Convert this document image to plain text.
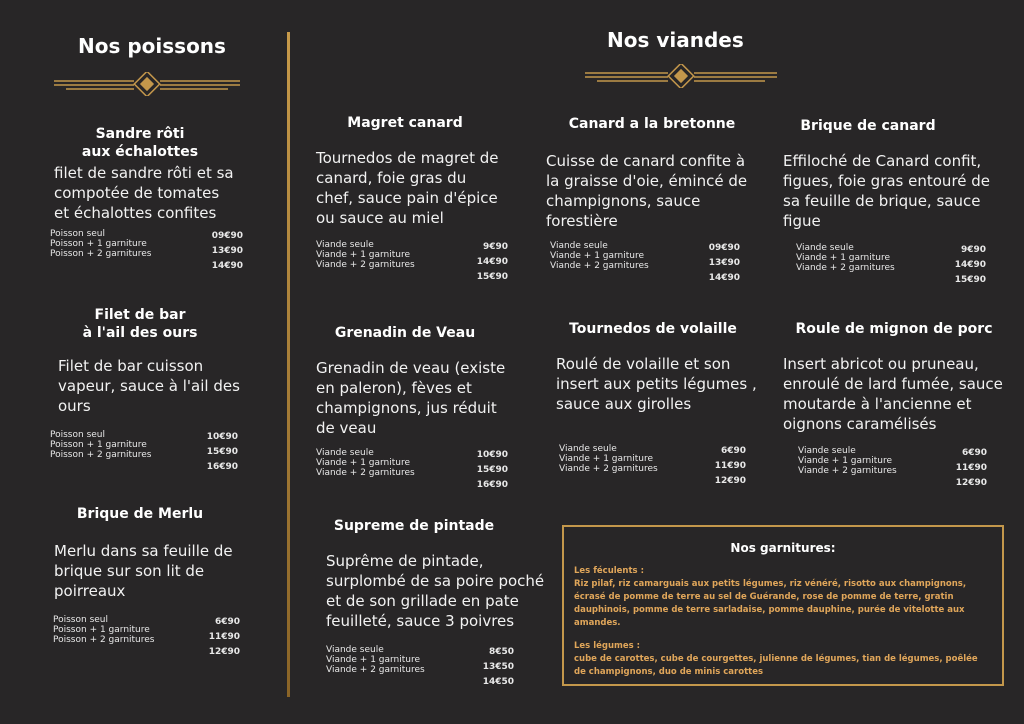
Nos poissons	Nos viandes
Sandre rôti
aux échalottes
filet de sandre rôti et sa compotée de tomates et échalottes confites
Poisson seul
Poisson + 1 garniture
Poisson + 2 garnitures
09€90
13€90
14€90
Filet de bar
à l'ail des ours
Filet de bar cuisson vapeur, sauce à l'ail des ours
Poisson seul
Poisson + 1 garniture
Poisson + 2 garnitures
10€90
15€90
16€90
Brique de Merlu
Merlu dans sa feuille de brique sur son lit de poirreaux
Poisson seul
Poisson + 1 garniture
Poisson + 2 garnitures
6€90
11€90
12€90
Magret canard
Tournedos de magret de canard, foie gras du chef, sauce pain d'épice ou sauce au miel
Viande seule
Viande + 1 garniture
Viande + 2 garnitures
9€90
14€90
15€90
Canard a la bretonne
Cuisse de canard confite à la graisse d'oie, émincé de champignons, sauce forestière
Viande seule
Viande + 1 garniture
Viande + 2 garnitures
09€90
13€90
14€90
Brique de canard
Effiloché de Canard confit, figues, foie gras entouré de sa feuille de brique, sauce figue
Viande seule
Viande + 1 garniture
Viande + 2 garnitures
9€90
14€90
15€90
Grenadin de Veau
Grenadin de veau (existe en paleron), fèves et champignons, jus réduit de veau
Viande seule
Viande + 1 garniture
Viande + 2 garnitures
10€90
15€90
16€90
Tournedos de volaille
Roulé de volaille et son insert aux petits légumes , sauce aux girolles
Viande seule
Viande + 1 garniture
Viande + 2 garnitures
6€90
11€90
12€90
Roule de mignon de porc
Insert abricot ou pruneau, enroulé de lard fumée, sauce moutarde à l'ancienne et oignons caramélisés
Viande seule
Viande + 1 garniture
Viande + 2 garnitures
6€90
11€90
12€90
Supreme de pintade
Suprême de pintade, surplombé de sa poire poché et de son grillade en pate feuilleté, sauce 3 poivres
Viande seule
Viande + 1 garniture
Viande + 2 garnitures
8€50
13€50
14€50
Nos garnitures:
Les féculents :
Riz pilaf, riz camarguais aux petits légumes, riz vénéré, risotto aux champignons, écrasé de pomme de terre au sel de Guérande, rose de pomme de terre, gratin dauphinois, pomme de terre sarladaise, pomme dauphine, purée de vitelotte aux amandes.
Les légumes :
cube de carottes, cube de courgettes, julienne de légumes, tian de légumes, poêlée de champignons, duo de minis carottes
